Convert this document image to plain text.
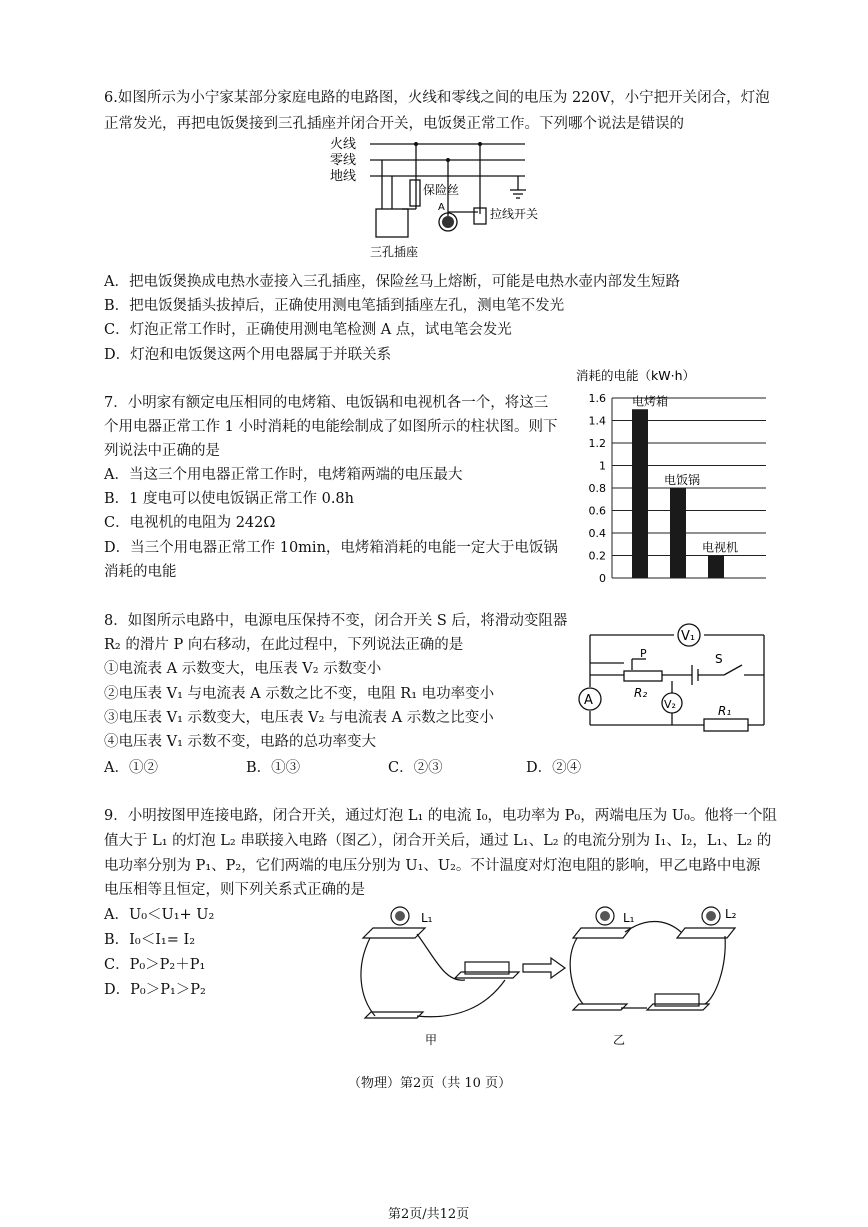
6.如图所示为小宁家某部分家庭电路的电路图，火线和零线之间的电压为 220V，小宁把开关闭合，灯泡
正常发光，再把电饭煲接到三孔插座并闭合开关，电饭煲正常工作。下列哪个说法是错误的
火线
零线
地线
保险丝
A	拉线开关
三孔插座
A．把电饭煲换成电热水壶接入三孔插座，保险丝马上熔断，可能是电热水壶内部发生短路
B．把电饭煲插头拔掉后，正确使用测电笔插到插座左孔，测电笔不发光
C．灯泡正常工作时，正确使用测电笔检测 A 点，试电笔会发光
D．灯泡和电饭煲这两个用电器属于并联关系
7．小明家有额定电压相同的电烤箱、电饭锅和电视机各一个，将这三
个用电器正常工作 1 小时消耗的电能绘制成了如图所示的柱状图。则下
列说法中正确的是
A．当这三个用电器正常工作时，电烤箱两端的电压最大
B．1 度电可以使电饭锅正常工作 0.8h
C．电视机的电阻为 242Ω
D．当三个用电器正常工作 10min，电烤箱消耗的电能一定大于电饭锅
消耗的电能
消耗的电能（kW·h）
1.6
1.4
1.2
1
0.8
0.6
0.4
0.2
0
电烤箱
电饭锅
电视机
8．如图所示电路中，电源电压保持不变，闭合开关 S 后，将滑动变阻器
R₂ 的滑片 P 向右移动，在此过程中，下列说法正确的是
①电流表 A 示数变大，电压表 V₂ 示数变小
②电压表 V₁ 与电流表 A 示数之比不变，电阻 R₁ 电功率变小
③电压表 V₁ 示数变大，电压表 V₂ 与电流表 A 示数之比变小
④电压表 V₁ 示数不变，电路的总功率变大
A．①②	B．①③	C．②③	D．②④
V₁
A	V₂
P	S
R₂
R₁
9．小明按图甲连接电路，闭合开关，通过灯泡 L₁ 的电流 I₀，电功率为 P₀，两端电压为 U₀。他将一个阻
值大于 L₁ 的灯泡 L₂ 串联接入电路（图乙），闭合开关后，通过 L₁、L₂ 的电流分别为 I₁、I₂，L₁、L₂ 的
电功率分别为 P₁、P₂，它们两端的电压分别为 U₁、U₂。不计温度对灯泡电阻的影响，甲乙电路中电源
电压相等且恒定，则下列关系式正确的是
A．U₀＜U₁+ U₂
B．I₀＜I₁= I₂
C．P₀＞P₂＋P₁
D．P₀＞P₁＞P₂
L₁	L₁	L₂
甲	乙
（物理）第2页（共 10 页）
第2页/共12页
